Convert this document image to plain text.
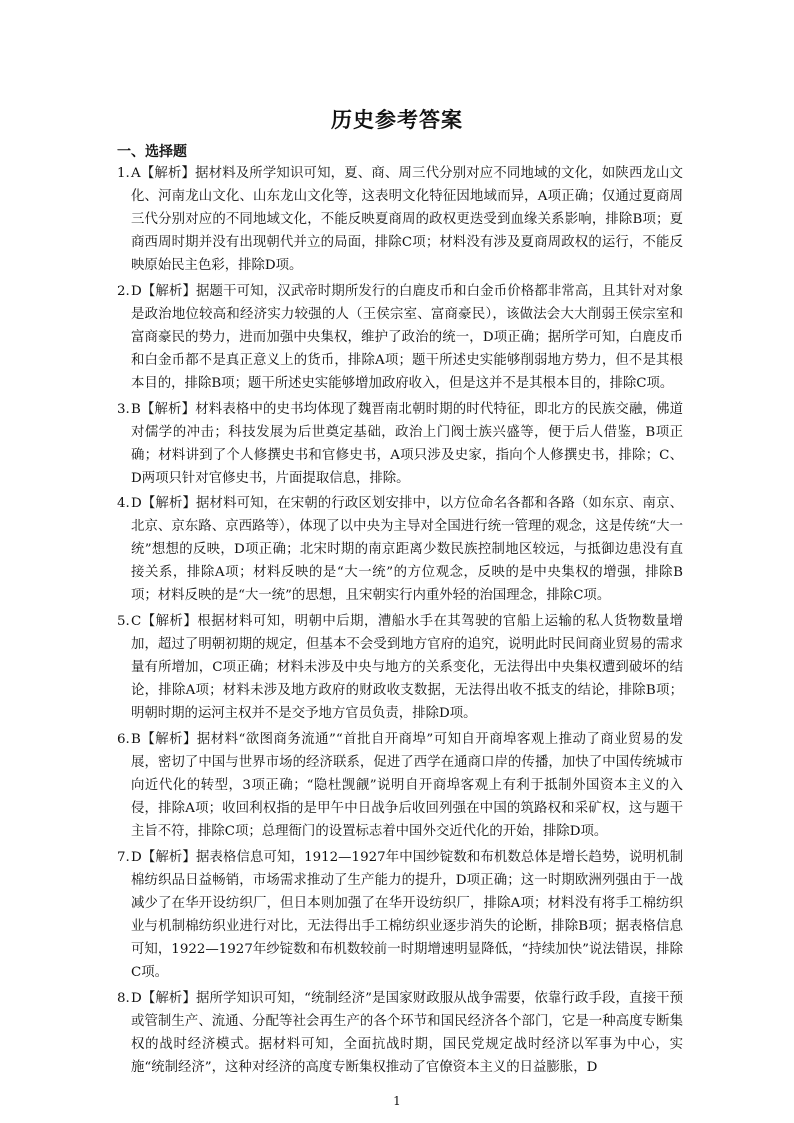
历史参考答案
一、选择题
1. A【解析】据材料及所学知识可知，夏、商、周三代分别对应不同地域的文化，如陕西龙山文化、河南龙山文化、山东龙山文化等，这表明文化特征因地域而异，A项正确；仅通过夏商周三代分别对应的不同地域文化，不能反映夏商周的政权更迭受到血缘关系影响，排除B项；夏商西周时期并没有出现朝代并立的局面，排除C项；材料没有涉及夏商周政权的运行，不能反映原始民主色彩，排除D项。
2. D【解析】据题干可知，汉武帝时期所发行的白鹿皮币和白金币价格都非常高，且其针对对象是政治地位较高和经济实力较强的人（王侯宗室、富商豪民），该做法会大大削弱王侯宗室和富商豪民的势力，进而加强中央集权，维护了政治的统一，D项正确；据所学可知，白鹿皮币和白金币都不是真正意义上的货币，排除A项；题干所述史实能够削弱地方势力，但不是其根本目的，排除B项；题干所述史实能够增加政府收入，但是这并不是其根本目的，排除C项。
3. B【解析】材料表格中的史书均体现了魏晋南北朝时期的时代特征，即北方的民族交融，佛道对儒学的冲击；科技发展为后世奠定基础，政治上门阀士族兴盛等，便于后人借鉴，B项正确；材料讲到了个人修撰史书和官修史书，A项只涉及史家，指向个人修撰史书，排除；C、D两项只针对官修史书，片面提取信息，排除。
4. D【解析】据材料可知，在宋朝的行政区划安排中，以方位命名各都和各路（如东京、南京、北京、京东路、京西路等），体现了以中央为主导对全国进行统一管理的观念，这是传统“大一统”想想的反映，D项正确；北宋时期的南京距离少数民族控制地区较远，与抵御边患没有直接关系，排除A项；材料反映的是“大一统”的方位观念，反映的是中央集权的增强，排除B项；材料反映的是“大一统”的思想，且宋朝实行内重外轻的治国理念，排除C项。
5. C【解析】根据材料可知，明朝中后期，漕船水手在其驾驶的官船上运输的私人货物数量增加，超过了明朝初期的规定，但基本不会受到地方官府的追究，说明此时民间商业贸易的需求量有所增加，C项正确；材料未涉及中央与地方的关系变化，无法得出中央集权遭到破坏的结论，排除A项；材料未涉及地方政府的财政收支数据，无法得出收不抵支的结论，排除B项；明朝时期的运河主权并不是交予地方官员负责，排除D项。
6. B【解析】据材料“欲图商务流通”“首批自开商埠”可知自开商埠客观上推动了商业贸易的发展，密切了中国与世界市场的经济联系，促进了西学在通商口岸的传播，加快了中国传统城市向近代化的转型，3项正确；“隐杜觊觎”说明自开商埠客观上有利于抵制外国资本主义的入侵，排除A项；收回利权指的是甲午中日战争后收回列强在中国的筑路权和采矿权，这与题干主旨不符，排除C项；总理衙门的设置标志着中国外交近代化的开始，排除D项。
7. D【解析】据表格信息可知，1912—1927年中国纱锭数和布机数总体是增长趋势，说明机制棉纺织品日益畅销，市场需求推动了生产能力的提升，D项正确；这一时期欧洲列强由于一战减少了在华开设纺织厂，但日本则加强了在华开设纺织厂，排除A项；材料没有将手工棉纺织业与机制棉纺织业进行对比，无法得出手工棉纺织业逐步消失的论断，排除B项；据表格信息可知，1922—1927年纱锭数和布机数较前一时期增速明显降低，“持续加快”说法错误，排除C项。
8. D【解析】据所学知识可知，“统制经济”是国家财政服从战争需要，依靠行政手段，直接干预或管制生产、流通、分配等社会再生产的各个环节和国民经济各个部门，它是一种高度专断集权的战时经济模式。据材料可知，全面抗战时期，国民党规定战时经济以军事为中心，实施“统制经济”，这种对经济的高度专断集权推动了官僚资本主义的日益膨胀，D
1
